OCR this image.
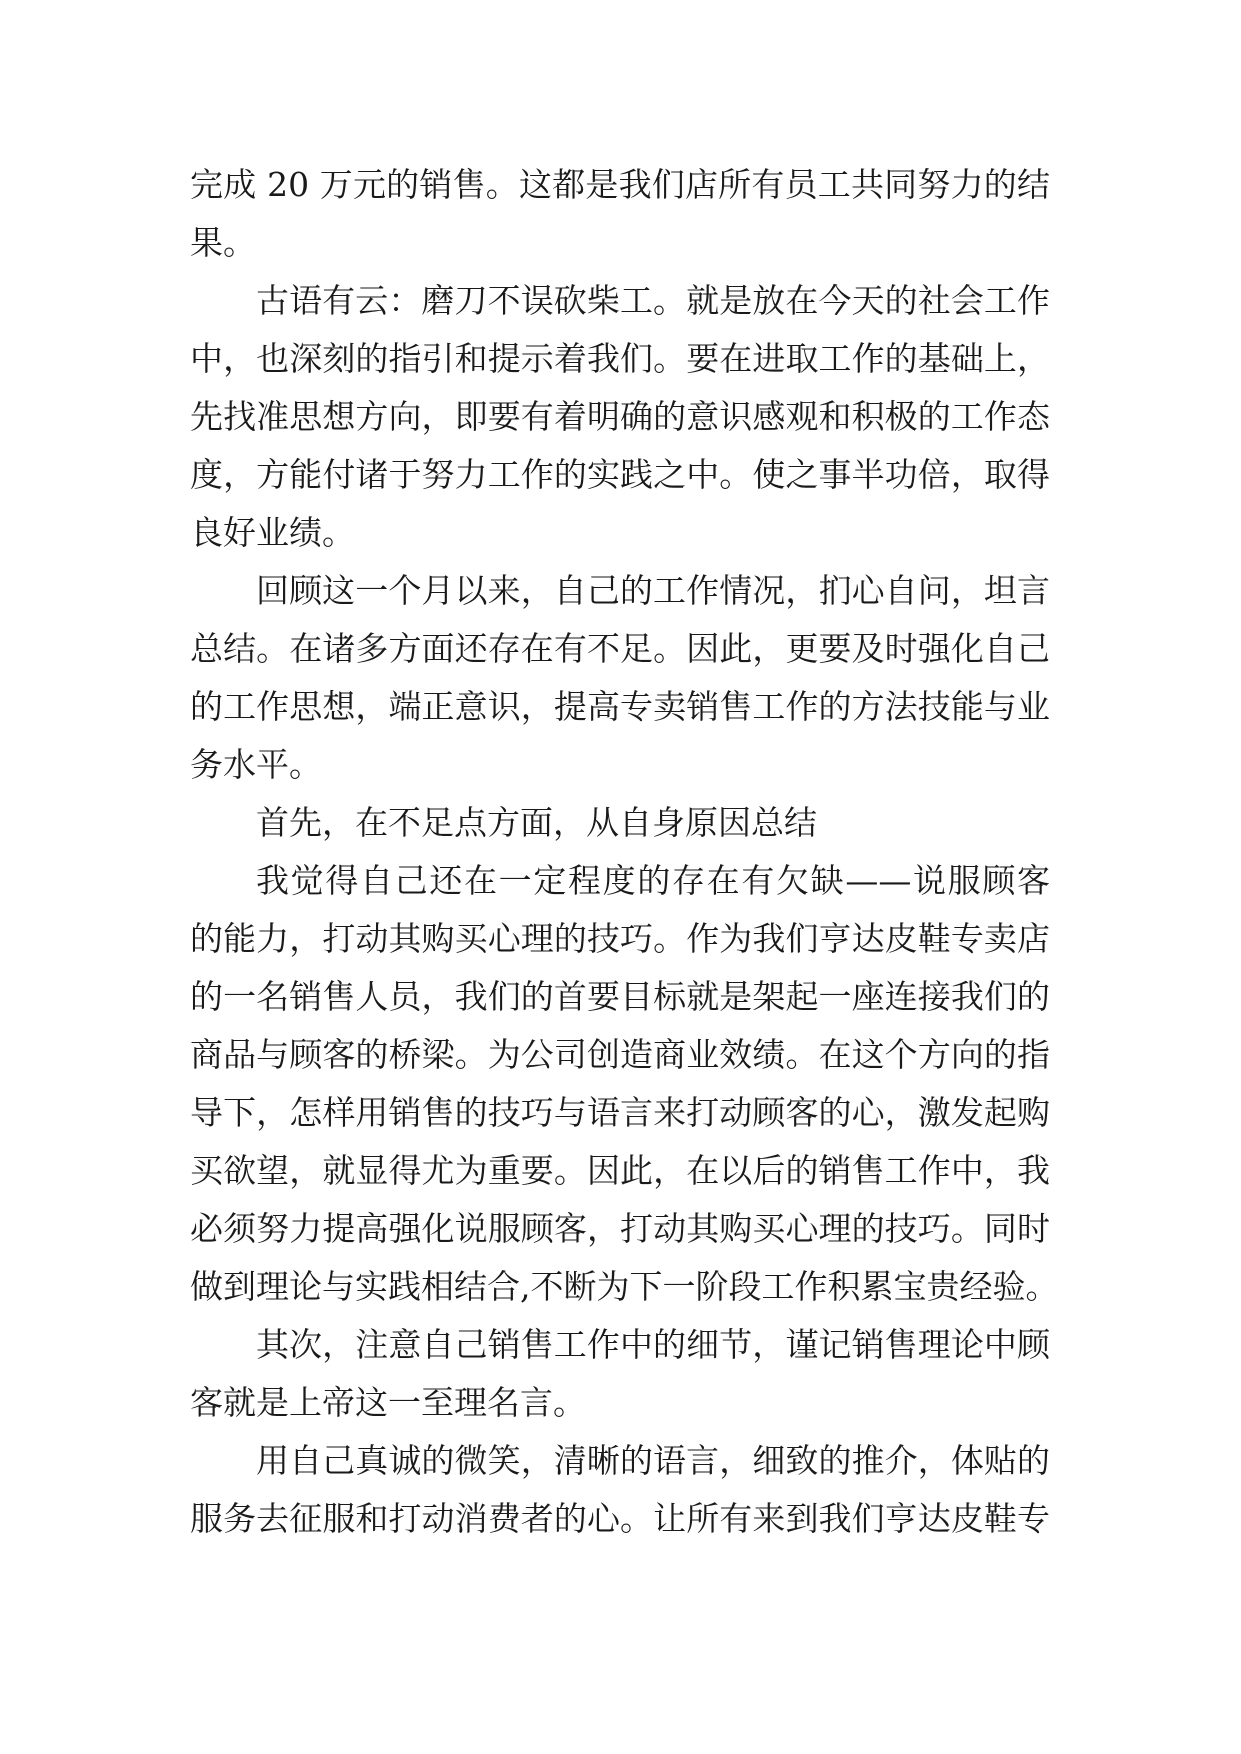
完成 20 万元的销售。这都是我们店所有员工共同努力的结
果。
古语有云：磨刀不误砍柴工。就是放在今天的社会工作
中，也深刻的指引和提示着我们。要在进取工作的基础上，
先找准思想方向，即要有着明确的意识感观和积极的工作态
度，方能付诸于努力工作的实践之中。使之事半功倍，取得
良好业绩。
回顾这一个月以来，自己的工作情况，扪心自问，坦言
总结。在诸多方面还存在有不足。因此，更要及时强化自己
的工作思想，端正意识，提高专卖销售工作的方法技能与业
务水平。
首先，在不足点方面，从自身原因总结
我觉得自己还在一定程度的存在有欠缺——说服顾客
的能力，打动其购买心理的技巧。作为我们亨达皮鞋专卖店
的一名销售人员，我们的首要目标就是架起一座连接我们的
商品与顾客的桥梁。为公司创造商业效绩。在这个方向的指
导下，怎样用销售的技巧与语言来打动顾客的心，激发起购
买欲望，就显得尤为重要。因此，在以后的销售工作中，我
必须努力提高强化说服顾客，打动其购买心理的技巧。同时
做到理论与实践相结合,不断为下一阶段工作积累宝贵经验。
其次，注意自己销售工作中的细节，谨记销售理论中顾
客就是上帝这一至理名言。
用自己真诚的微笑，清晰的语言，细致的推介，体贴的
服务去征服和打动消费者的心。让所有来到我们亨达皮鞋专
